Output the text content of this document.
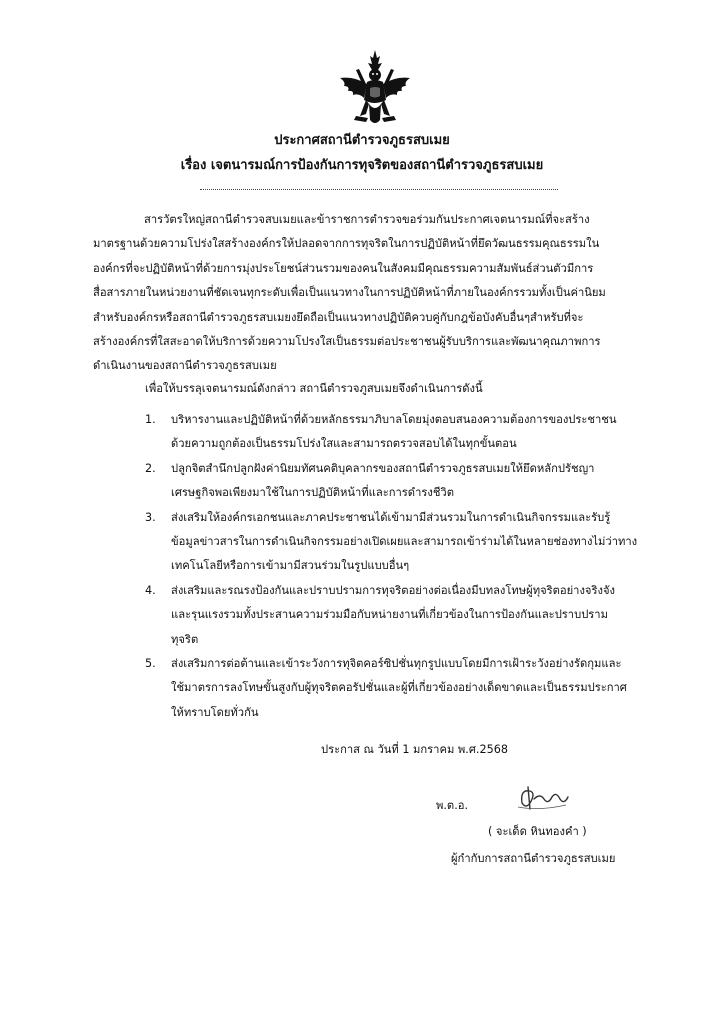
ประกาศสถานีตำรวจภูธรสบเมย
เรื่อง เจตนารมณ์การป้องกันการทุจริตของสถานีตำรวจภูธรสบเมย
สารวัตรใหญ่สถานีตำรวจสบเมยและข้าราชการตำรวจขอร่วมกันประกาศเจตนารมณ์ที่จะสร้าง
มาตรฐานด้วยความโปร่งใสสร้างองค์กรให้ปลอดจากการทุจริตในการปฏิบัติหน้าที่ยึดวัฒนธรรมคุณธรรมใน
องค์กรที่จะปฏิบัติหน้าที่ด้วยการมุ่งประโยชน์ส่วนรวมของคนในสังคมมีคุณธรรมความสัมพันธ์ส่วนตัวมีการ
สื่อสารภายในหน่วยงานที่ชัดเจนทุกระดับเพื่อเป็นแนวทางในการปฏิบัติหน้าที่ภายในองค์กรรวมทั้งเป็นค่านิยม
สำหรับองค์กรหรือสถานีตำรวจภูธรสบเมยงยึดถือเป็นแนวทางปฏิบัติควบคู่กับกฎข้อบังคับอื่นๆสำหรับที่จะ
สร้างองค์กรที่ใสสะอาดให้บริการด้วยความโปรงใสเป็นธรรมต่อประชาชนผู้รับบริการและพัฒนาคุณภาพการ
ดำเนินงานของสถานีตำรวจภูธรสบเมย
เพื่อให้บรรลุเจตนารมณ์ดังกล่าว สถานีตำรวจภูสบเมยจึงดำเนินการดังนี้
1. บริหารงานและปฏิบัติหน้าที่ด้วยหลักธรรมาภิบาลโดยมุ่งตอบสนองความต้องการของประชาชน
ด้วยความถูกต้องเป็นธรรมโปร่งใสและสามารถตรวจสอบได้ในทุกขั้นตอน
2. ปลูกจิตสำนึกปลูกฝังค่านิยมทัศนคติบุคลากรของสถานีตำรวจภูธรสบเมยให้ยึดหลักปรัชญา
เศรษฐกิจพอเพียงมาใช้ในการปฏิบัติหน้าที่และการดำรงชีวิต
3. ส่งเสริมให้องค์กรเอกชนและภาคประชาชนได้เข้ามามีส่วนรวมในการดำเนินกิจกรรมและรับรู้
ข้อมูลข่าวสารในการดำเนินกิจกรรมอย่างเปิดเผยและสามารถเข้าร่ามได้ในหลายช่องทางไม่ว่าทาง
เทคโนโลยีหรือการเข้ามามีสวนร่วมในรูปแบบอื่นๆ
4. ส่งเสริมและรณรงป้องกันและปราบปรามการทุจริตอย่างต่อเนื่องมีบทลงโทษผู้ทุจริตอย่างจริงจัง
และรุนแรงรวมทั้งประสานความร่วมมือกับหน่ายงานที่เกี่ยวข้องในการป้องกันและปราบปราม
ทุจริต
5. ส่งเสริมการต่อต้านและเข้าระวังการทุจิตคอร์ซิปชั่นทุกรูปแบบโดยมีการเฝ้าระวังอย่างรัดกุมและ
ใช้มาตรการลงโทษขั้นสูงกับผู้ทุจริตคอรัปชั่นและผู้ที่เกี่ยวข้องอย่างเด็ดขาดและเป็นธรรมประกาศ
ให้ทราบโดยทั่วกัน
ประกาส ณ วันที่ 1 มกราคม พ.ศ.2568
พ.ต.อ.
( จะเด็ด หินทองคำ )
ผู้กำกับการสถานีตำรวจภูธรสบเมย
